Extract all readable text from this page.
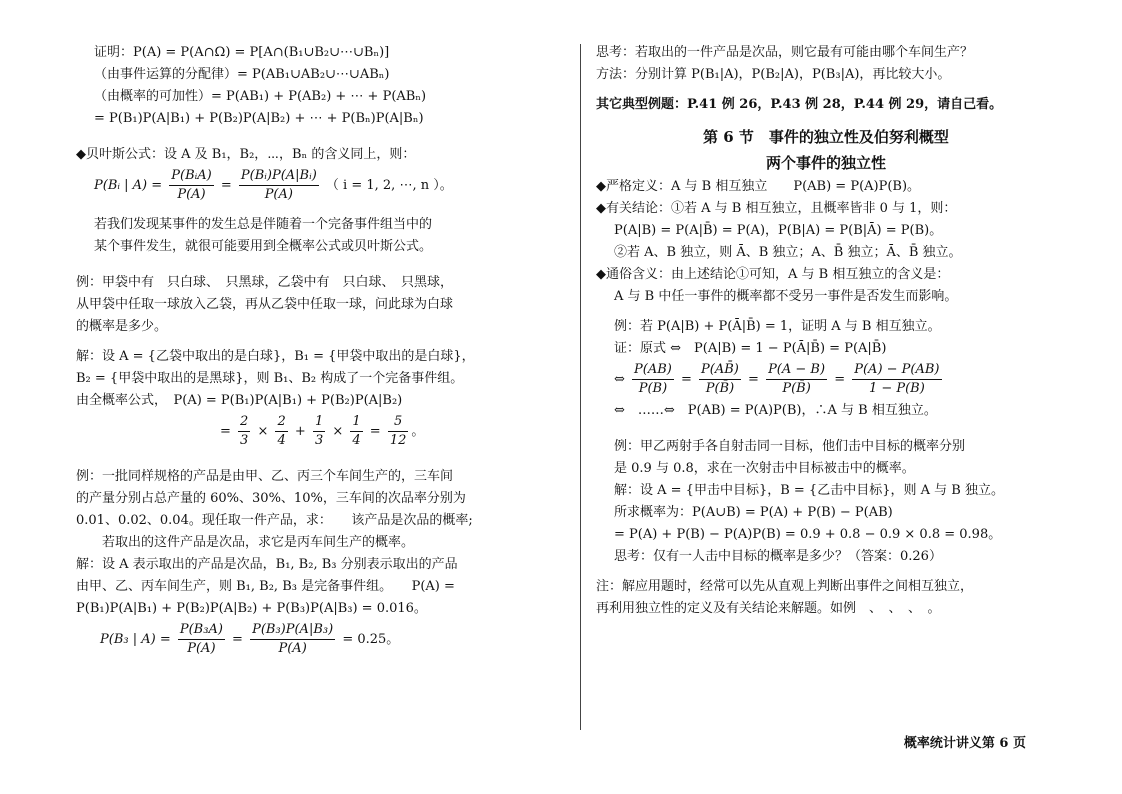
证明：P(A) = P(A∩Ω) = P[A∩(B₁∪B₂∪⋯∪Bₙ)]
（由事件运算的分配律）= P(AB₁∪AB₂∪⋯∪ABₙ)
（由概率的可加性）= P(AB₁) + P(AB₂) + ⋯ + P(ABₙ)
= P(B₁)P(A|B₁) + P(B₂)P(A|B₂) + ⋯ + P(Bₙ)P(A|Bₙ)
◆贝叶斯公式：设 A 及 B₁，B₂，⋯，Bₙ 的含义同上，则：
P(Bᵢ | $A) = \frac{\text{P(BᵢA)}}{P(A)} = \frac{\text{P(Bᵢ)P(A|Bᵢ)}}{P(A)}$ （ i = 1, 2, ⋯, n ）。
若我们发现某事件的发生总是伴随着一个完备事件组当中的
某个事件发生，就很可能要用到全概率公式或贝叶斯公式。
例：甲袋中有　只白球、　只黑球，乙袋中有　只白球、　只黑球，
从甲袋中任取一球放入乙袋，再从乙袋中任取一球，问此球为白球
的概率是多少。
解：设 A = {乙袋中取出的是白球}，B₁ = {甲袋中取出的是白球}，
B₂ = {甲袋中取出的是黑球}，则 B₁、B₂ 构成了一个完备事件组。
由全概率公式，　P(A) = P(B₁)P(A|B₁) + P(B₂)P(A|B₂)
= $\frac{2}{3} \times \frac{2}{4} + \frac{1}{3} \times \frac{1}{4} = \frac{5}{12}$ 。
例：一批同样规格的产品是由甲、乙、丙三个车间生产的，三车间
的产量分别占总产量的 60%、30%、10%，三车间的次品率分别为
0.01、0.02、0.04。现任取一件产品，求：　　该产品是次品的概率;
　　若取出的这件产品是次品，求它是丙车间生产的概率。
解：设 A 表示取出的产品是次品，B₁, B₂, B₃ 分别表示取出的产品
由甲、乙、丙车间生产，则 B₁, B₂, B₃ 是完备事件组。　　P(A) =
P(B₁)P(A|B₁) + P(B₂)P(A|B₂) + P(B₃)P(A|B₃) = 0.016。
P(B₃ | $A) = \frac{\text{P(B₃A)}}{P(A)} = \frac{\text{P(B₃)P(A|B₃)}}{P(A)} = 0.25$。
思考：若取出的一件产品是次品，则它最有可能由哪个车间生产？
方法：分别计算 P(B₁|A)，P(B₂|A)，P(B₃|A)，再比较大小。
其它典型例题：P.41 例 26，P.43 例 28，P.44 例 29，请自己看。
第 6 节　事件的独立性及伯努利概型
两个事件的独立性
◆严格定义：A 与 B 相互独立　　P(AB) = P(A)P(B)。
◆有关结论：①若 A 与 B 相互独立，且概率皆非 0 与 1，则：
P(A|B) = P(A|B̄) = P(A)，P(B|A) = P(B|Ā) = P(B)。
②若 A、B 独立，则 Ā、B 独立；A、B̄ 独立；Ā、B̄ 独立。
◆通俗含义：由上述结论①可知，A 与 B 相互独立的含义是：
A 与 B 中任一事件的概率都不受另一事件是否发生而影响。
例：若 P(A|B) + P(Ā|B̄) = 1，证明 A 与 B 相互独立。
证：原式 ⇔　P(A|B) = 1 − P(Ā|B̄) = P(A|B̄)
⇔ $\frac{P(AB)}{P(B)} = \frac{P(AB̄)}{P(B̄)} = \frac{P(A - B)}{P(B̄)} = \frac{P(A) - P(AB)}{1 - P(B)}$
⇔　……⇔　P(AB) = P(A)P(B)，∴A 与 B 相互独立。
例：甲乙两射手各自射击同一目标，他们击中目标的概率分别
是 0.9 与 0.8，求在一次射击中目标被击中的概率。
解：设 A = {甲击中目标}，B = {乙击中目标}，则 A 与 B 独立。
所求概率为：P(A∪B) = P(A) + P(B) − P(AB)
= P(A) + P(B) − P(A)P(B) = 0.9 + 0.8 − 0.9 × 0.8 = 0.98。
思考：仅有一人击中目标的概率是多少？（答案：0.26）
注：解应用题时，经常可以先从直观上判断出事件之间相互独立，
再利用独立性的定义及有关结论来解题。如例　、　、　、　。
概率统计讲义第 6 页
